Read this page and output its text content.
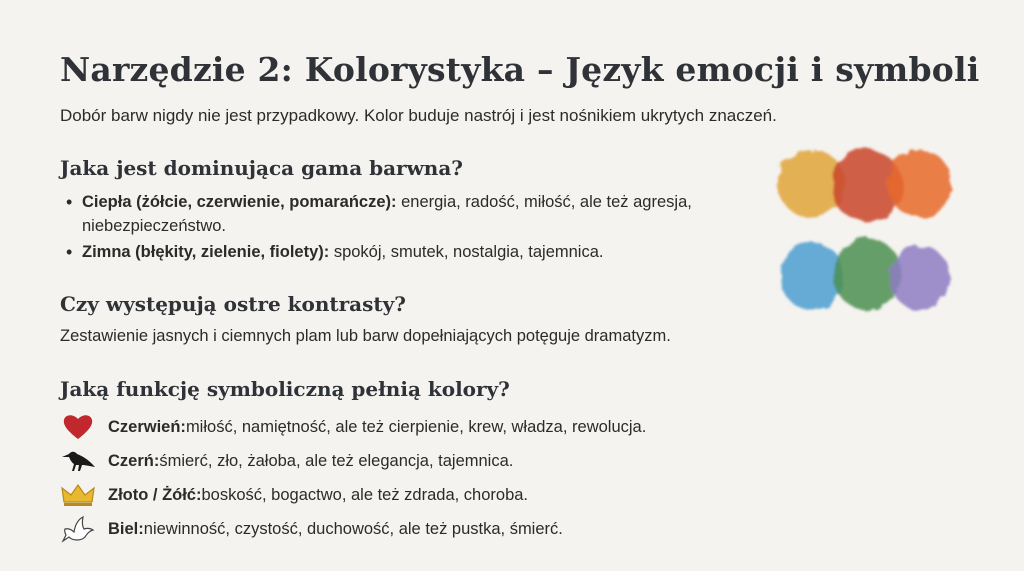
Narzędzie 2: Kolorystyka – Język emocji i symboli
Dobór barw nigdy nie jest przypadkowy. Kolor buduje nastrój i jest nośnikiem ukrytych znaczeń.
Jaka jest dominująca gama barwna?
• Ciepła (żółcie, czerwienie, pomarańcze): energia, radość, miłość, ale też agresja, niebezpieczeństwo.
• Zimna (błękity, zielenie, fiolety): spokój, smutek, nostalgia, tajemnica.
Czy występują ostre kontrasty?
Zestawienie jasnych i ciemnych plam lub barw dopełniających potęguje dramatyzm.
Jaką funkcję symboliczną pełnią kolory?
Czerwień: miłość, namiętność, ale też cierpienie, krew, władza, rewolucja.
Czerń: śmierć, zło, żałoba, ale też elegancja, tajemnica.
Złoto / Żółć: boskość, bogactwo, ale też zdrada, choroba.
Biel: niewinność, czystość, duchowość, ale też pustka, śmierć.
